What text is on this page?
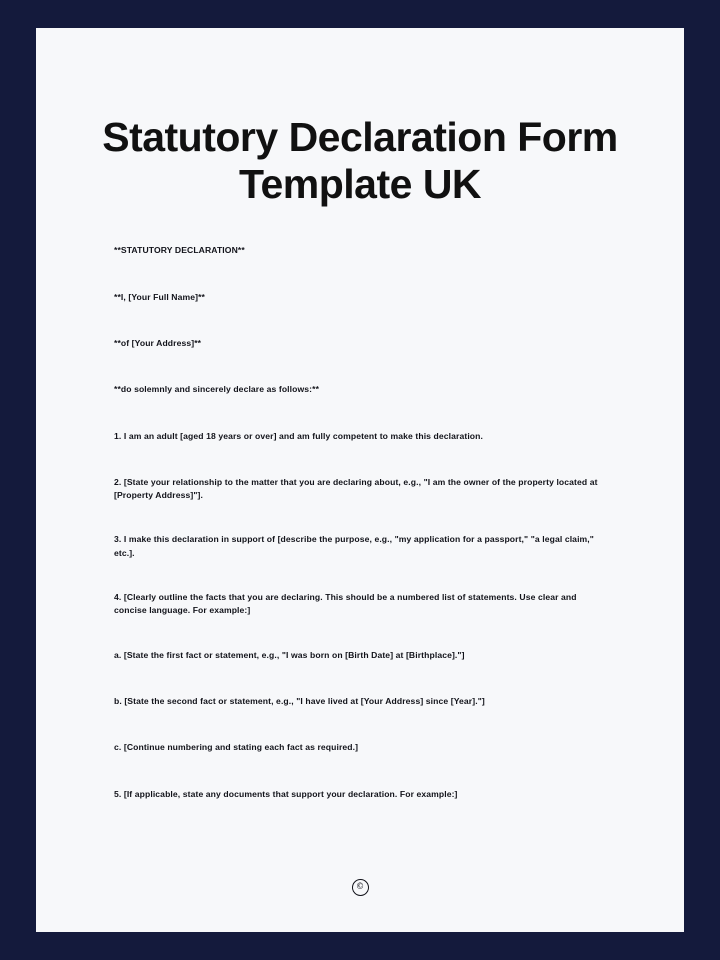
Statutory Declaration Form Template UK

**STATUTORY DECLARATION**

**I, [Your Full Name]**

**of [Your Address]**

**do solemnly and sincerely declare as follows:**

1. I am an adult [aged 18 years or over] and am fully competent to make this declaration.

2. [State your relationship to the matter that you are declaring about, e.g., "I am the owner of the property located at [Property Address]"].

3. I make this declaration in support of [describe the purpose, e.g., "my application for a passport," "a legal claim," etc.].

4. [Clearly outline the facts that you are declaring. This should be a numbered list of statements. Use clear and concise language. For example:]

a. [State the first fact or statement, e.g., "I was born on [Birth Date] at [Birthplace]."]

b. [State the second fact or statement, e.g., "I have lived at [Your Address] since [Year]."]

c. [Continue numbering and stating each fact as required.]

5. [If applicable, state any documents that support your declaration. For example:]

©
